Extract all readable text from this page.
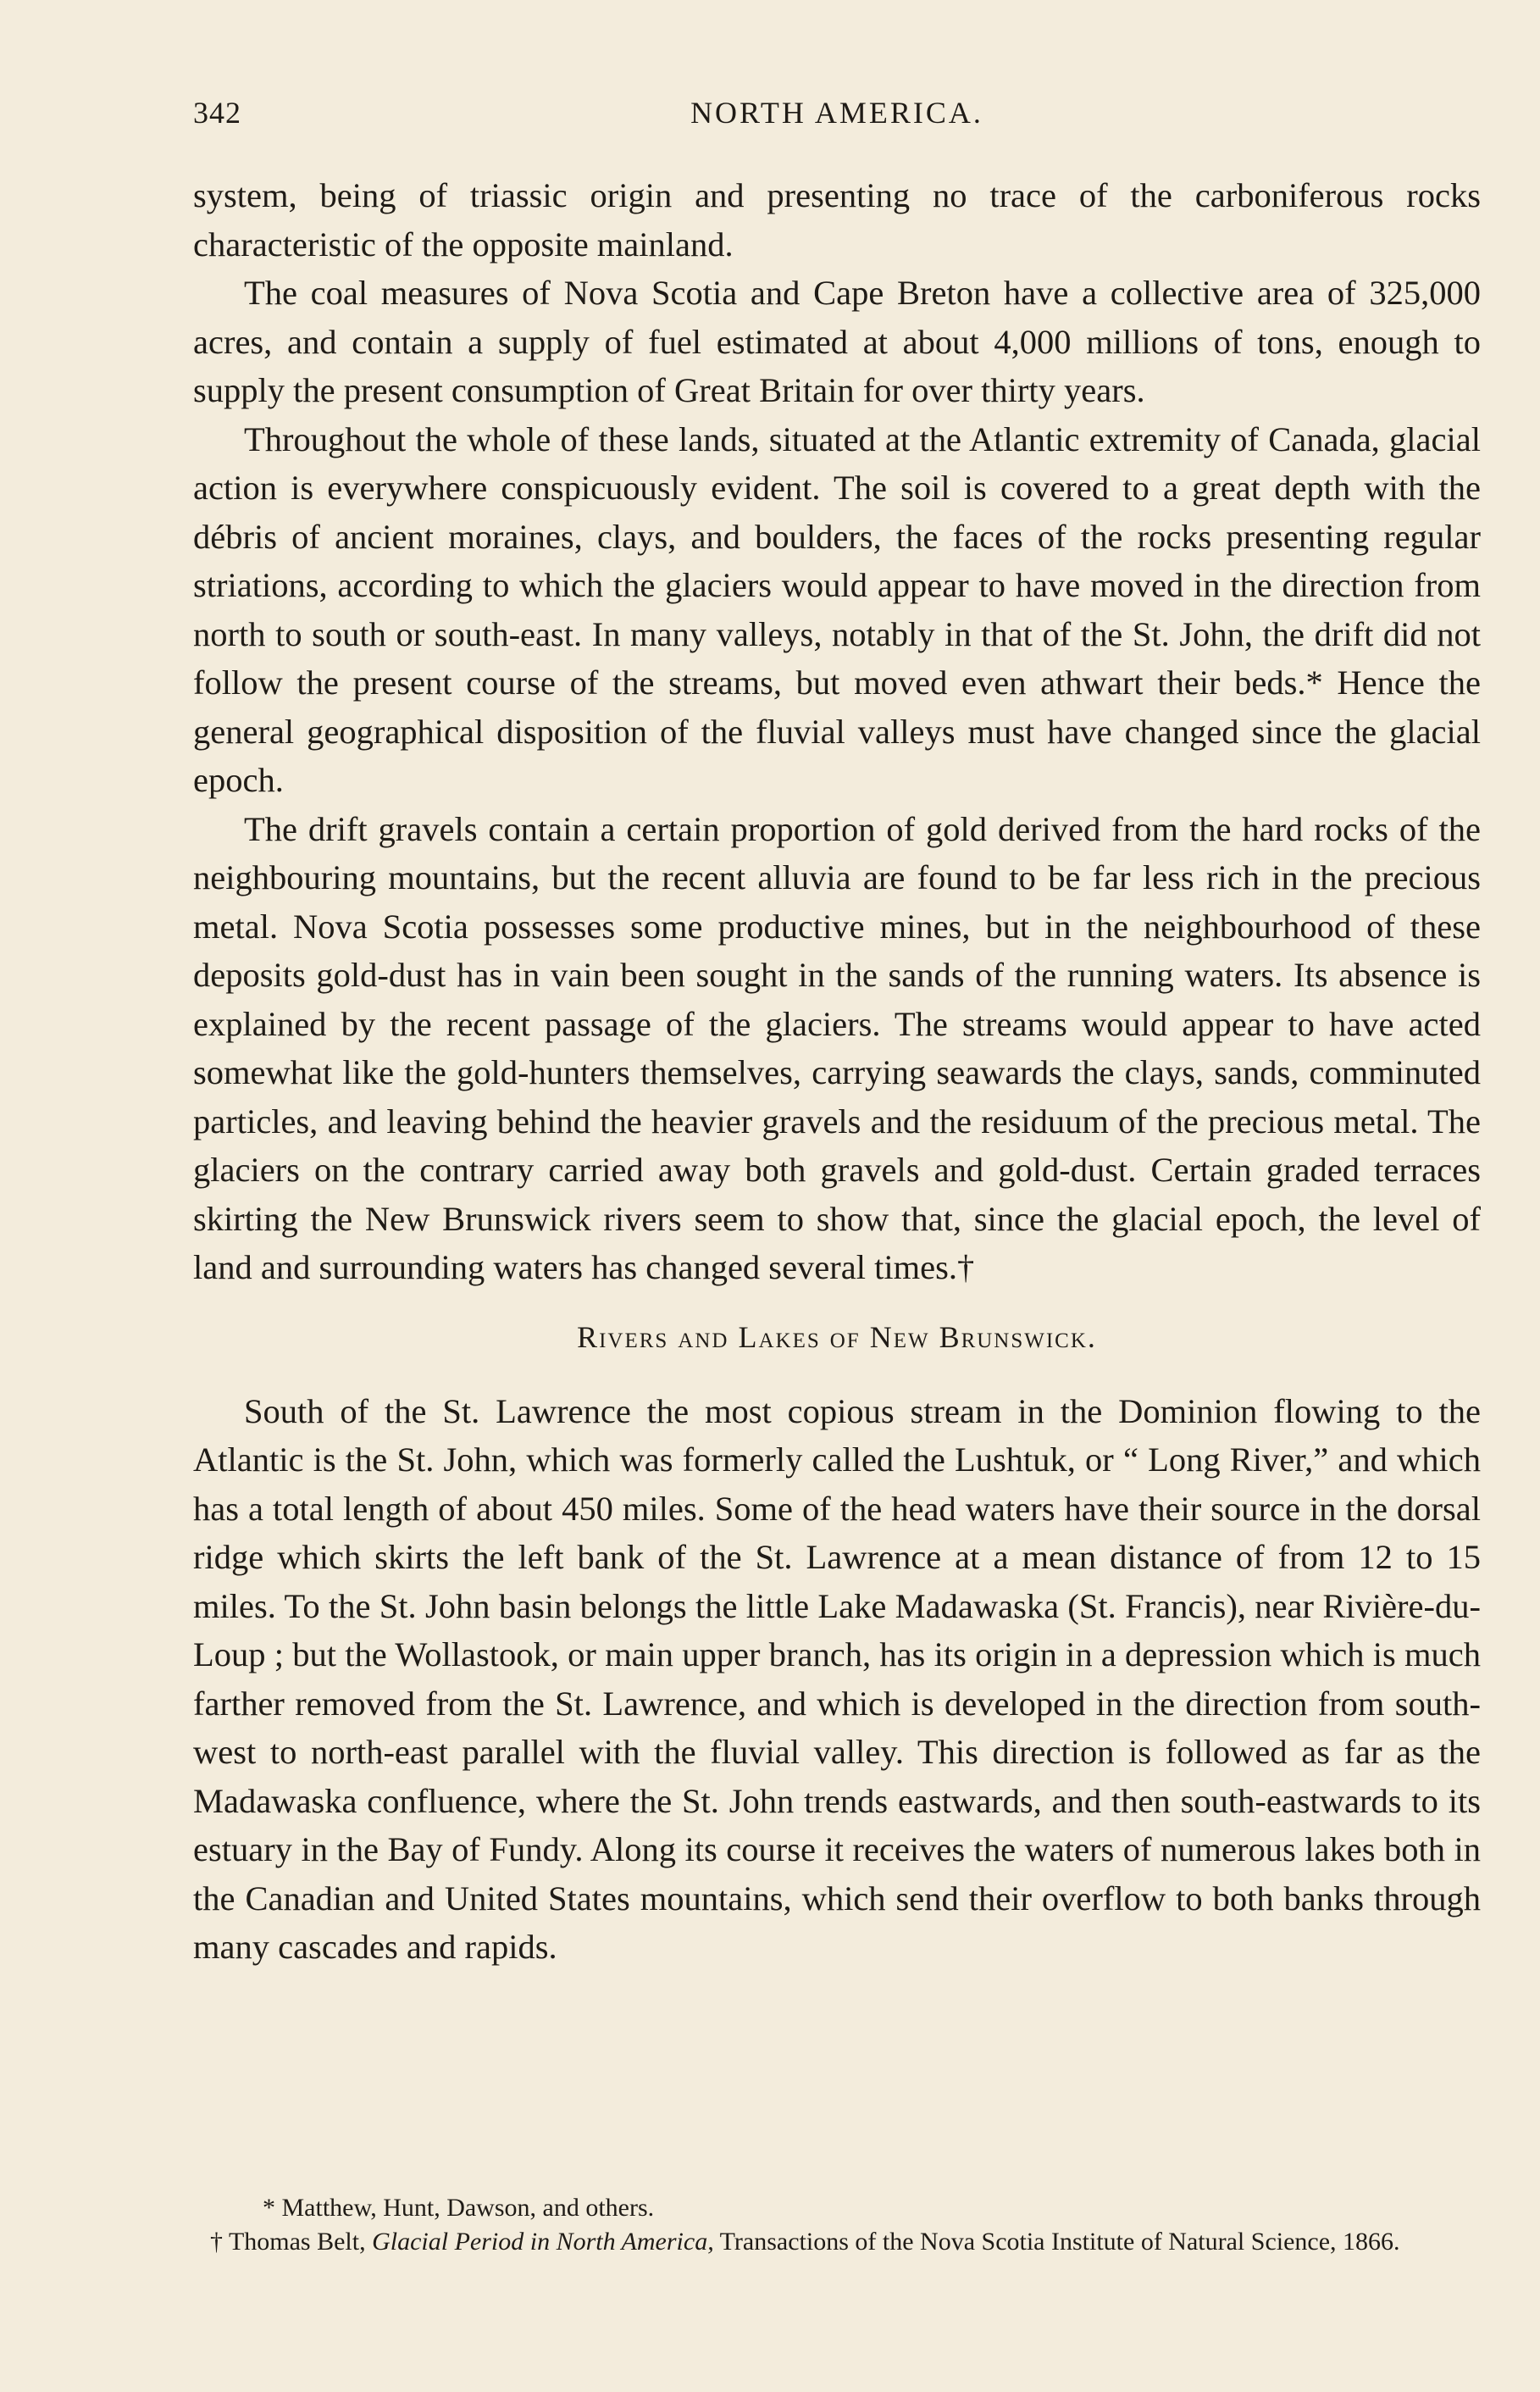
342	NORTH AMERICA.

system, being of triassic origin and presenting no trace of the carboniferous rocks characteristic of the opposite mainland.

The coal measures of Nova Scotia and Cape Breton have a collective area of 325,000 acres, and contain a supply of fuel estimated at about 4,000 millions of tons, enough to supply the present consumption of Great Britain for over thirty years.

Throughout the whole of these lands, situated at the Atlantic extremity of Canada, glacial action is everywhere conspicuously evident. The soil is covered to a great depth with the débris of ancient moraines, clays, and boulders, the faces of the rocks presenting regular striations, according to which the glaciers would appear to have moved in the direction from north to south or south-east. In many valleys, notably in that of the St. John, the drift did not follow the present course of the streams, but moved even athwart their beds.* Hence the general geographical disposition of the fluvial valleys must have changed since the glacial epoch.

The drift gravels contain a certain proportion of gold derived from the hard rocks of the neighbouring mountains, but the recent alluvia are found to be far less rich in the precious metal. Nova Scotia possesses some productive mines, but in the neighbourhood of these deposits gold-dust has in vain been sought in the sands of the running waters. Its absence is explained by the recent passage of the glaciers. The streams would appear to have acted somewhat like the gold-hunters themselves, carrying seawards the clays, sands, comminuted particles, and leaving behind the heavier gravels and the residuum of the precious metal. The glaciers on the contrary carried away both gravels and gold-dust. Certain graded terraces skirting the New Brunswick rivers seem to show that, since the glacial epoch, the level of land and surrounding waters has changed several times.†

Rivers and Lakes of New Brunswick.

South of the St. Lawrence the most copious stream in the Dominion flowing to the Atlantic is the St. John, which was formerly called the Lushtuk, or “ Long River,” and which has a total length of about 450 miles. Some of the head waters have their source in the dorsal ridge which skirts the left bank of the St. Lawrence at a mean distance of from 12 to 15 miles. To the St. John basin belongs the little Lake Madawaska (St. Francis), near Rivière-du-Loup ; but the Wollastook, or main upper branch, has its origin in a depression which is much farther removed from the St. Lawrence, and which is developed in the direction from south-west to north-east parallel with the fluvial valley. This direction is followed as far as the Madawaska confluence, where the St. John trends eastwards, and then south-eastwards to its estuary in the Bay of Fundy. Along its course it receives the waters of numerous lakes both in the Canadian and United States mountains, which send their overflow to both banks through many cascades and rapids.

* Matthew, Hunt, Dawson, and others.

† Thomas Belt, Glacial Period in North America, Transactions of the Nova Scotia Institute of Natural Science, 1866.
